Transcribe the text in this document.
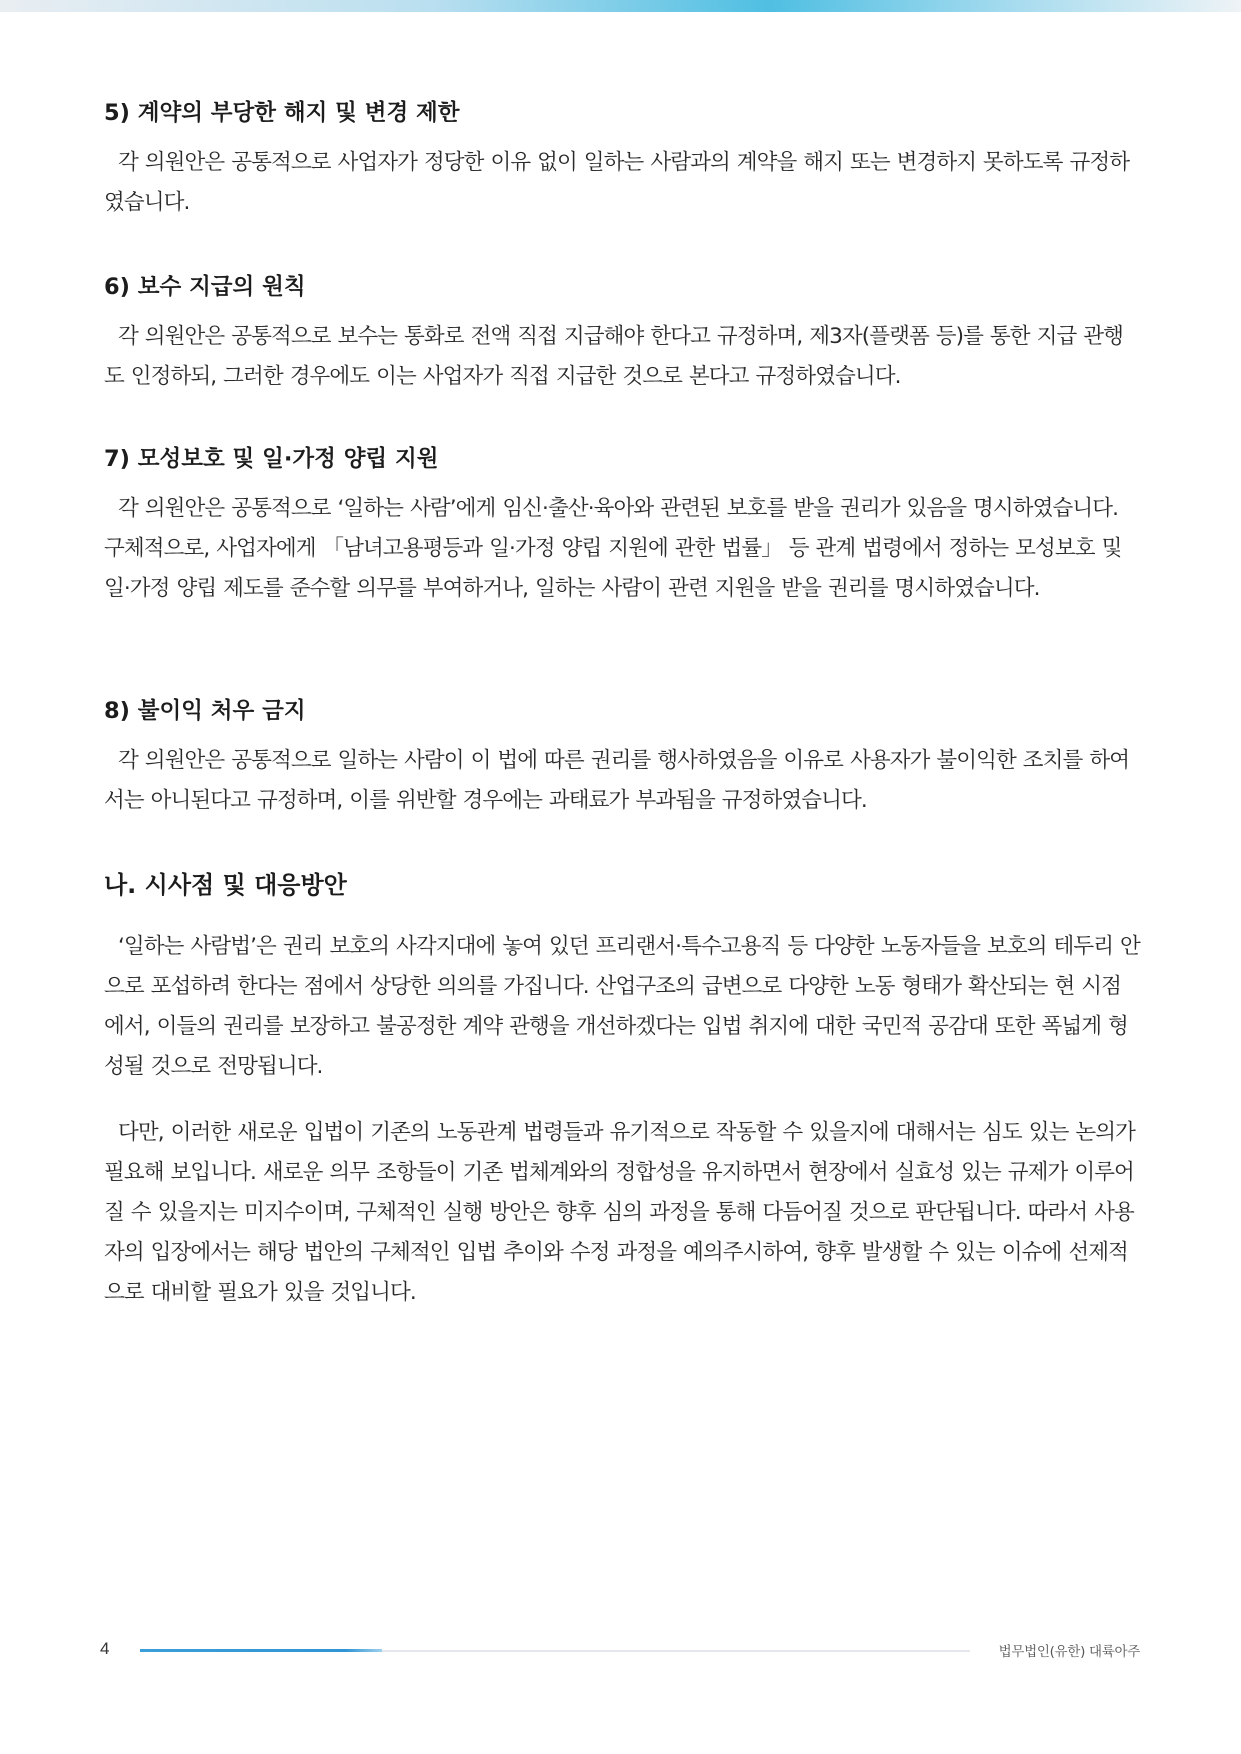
5) 계약의 부당한 해지 및 변경 제한

각 의원안은 공통적으로 사업자가 정당한 이유 없이 일하는 사람과의 계약을 해지 또는 변경하지 못하도록 규정하였습니다.

6) 보수 지급의 원칙

각 의원안은 공통적으로 보수는 통화로 전액 직접 지급해야 한다고 규정하며, 제3자(플랫폼 등)를 통한 지급 관행도 인정하되, 그러한 경우에도 이는 사업자가 직접 지급한 것으로 본다고 규정하였습니다.

7) 모성보호 및 일·가정 양립 지원

각 의원안은 공통적으로 ‘일하는 사람’에게 임신·출산·육아와 관련된 보호를 받을 권리가 있음을 명시하였습니다. 구체적으로, 사업자에게 「남녀고용평등과 일·가정 양립 지원에 관한 법률」 등 관계 법령에서 정하는 모성보호 및 일·가정 양립 제도를 준수할 의무를 부여하거나, 일하는 사람이 관련 지원을 받을 권리를 명시하였습니다.

8) 불이익 처우 금지

각 의원안은 공통적으로 일하는 사람이 이 법에 따른 권리를 행사하였음을 이유로 사용자가 불이익한 조치를 하여서는 아니된다고 규정하며, 이를 위반할 경우에는 과태료가 부과됨을 규정하였습니다.

나. 시사점 및 대응방안

‘일하는 사람법’은 권리 보호의 사각지대에 놓여 있던 프리랜서·특수고용직 등 다양한 노동자들을 보호의 테두리 안으로 포섭하려 한다는 점에서 상당한 의의를 가집니다. 산업구조의 급변으로 다양한 노동 형태가 확산되는 현 시점에서, 이들의 권리를 보장하고 불공정한 계약 관행을 개선하겠다는 입법 취지에 대한 국민적 공감대 또한 폭넓게 형성될 것으로 전망됩니다.

다만, 이러한 새로운 입법이 기존의 노동관계 법령들과 유기적으로 작동할 수 있을지에 대해서는 심도 있는 논의가 필요해 보입니다. 새로운 의무 조항들이 기존 법체계와의 정합성을 유지하면서 현장에서 실효성 있는 규제가 이루어질 수 있을지는 미지수이며, 구체적인 실행 방안은 향후 심의 과정을 통해 다듬어질 것으로 판단됩니다. 따라서 사용자의 입장에서는 해당 법안의 구체적인 입법 추이와 수정 과정을 예의주시하여, 향후 발생할 수 있는 이슈에 선제적으로 대비할 필요가 있을 것입니다.

4	법무법인(유한) 대륙아주
